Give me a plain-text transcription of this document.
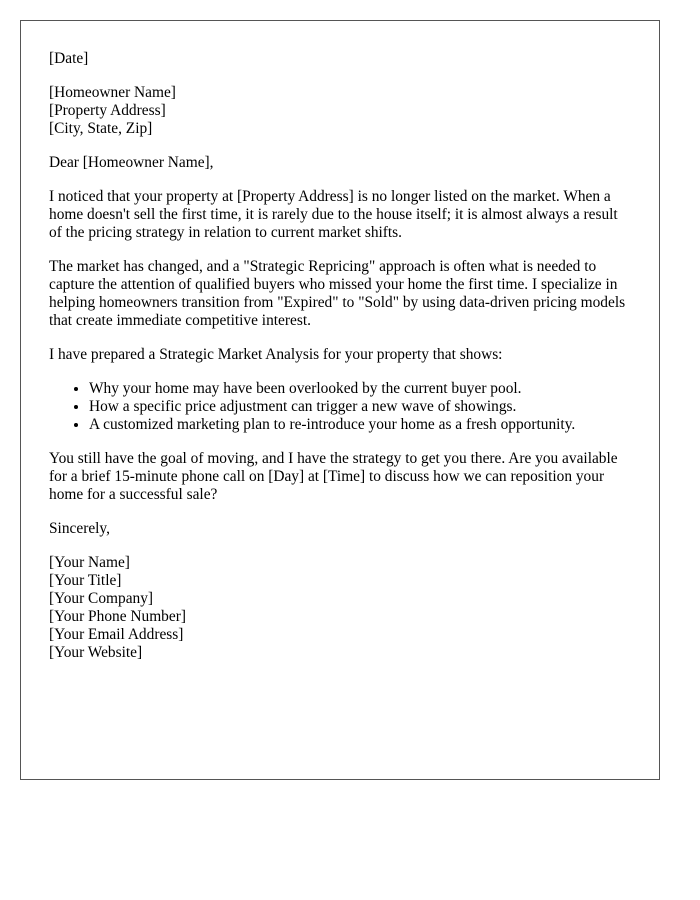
[Date]
[Homeowner Name]
[Property Address]
[City, State, Zip]
Dear [Homeowner Name],

I noticed that your property at [Property Address] is no longer listed on the market. When a home doesn't sell the first time, it is rarely due to the house itself; it is almost always a result of the pricing strategy in relation to current market shifts.

The market has changed, and a "Strategic Repricing" approach is often what is needed to capture the attention of qualified buyers who missed your home the first time. I specialize in helping homeowners transition from "Expired" to "Sold" by using data-driven pricing models that create immediate competitive interest.

I have prepared a Strategic Market Analysis for your property that shows:

• Why your home may have been overlooked by the current buyer pool.
• How a specific price adjustment can trigger a new wave of showings.
• A customized marketing plan to re-introduce your home as a fresh opportunity.

You still have the goal of moving, and I have the strategy to get you there. Are you available for a brief 15-minute phone call on [Day] at [Time] to discuss how we can reposition your home for a successful sale?

Sincerely,
[Your Name]
[Your Title]
[Your Company]
[Your Phone Number]
[Your Email Address]
[Your Website]
